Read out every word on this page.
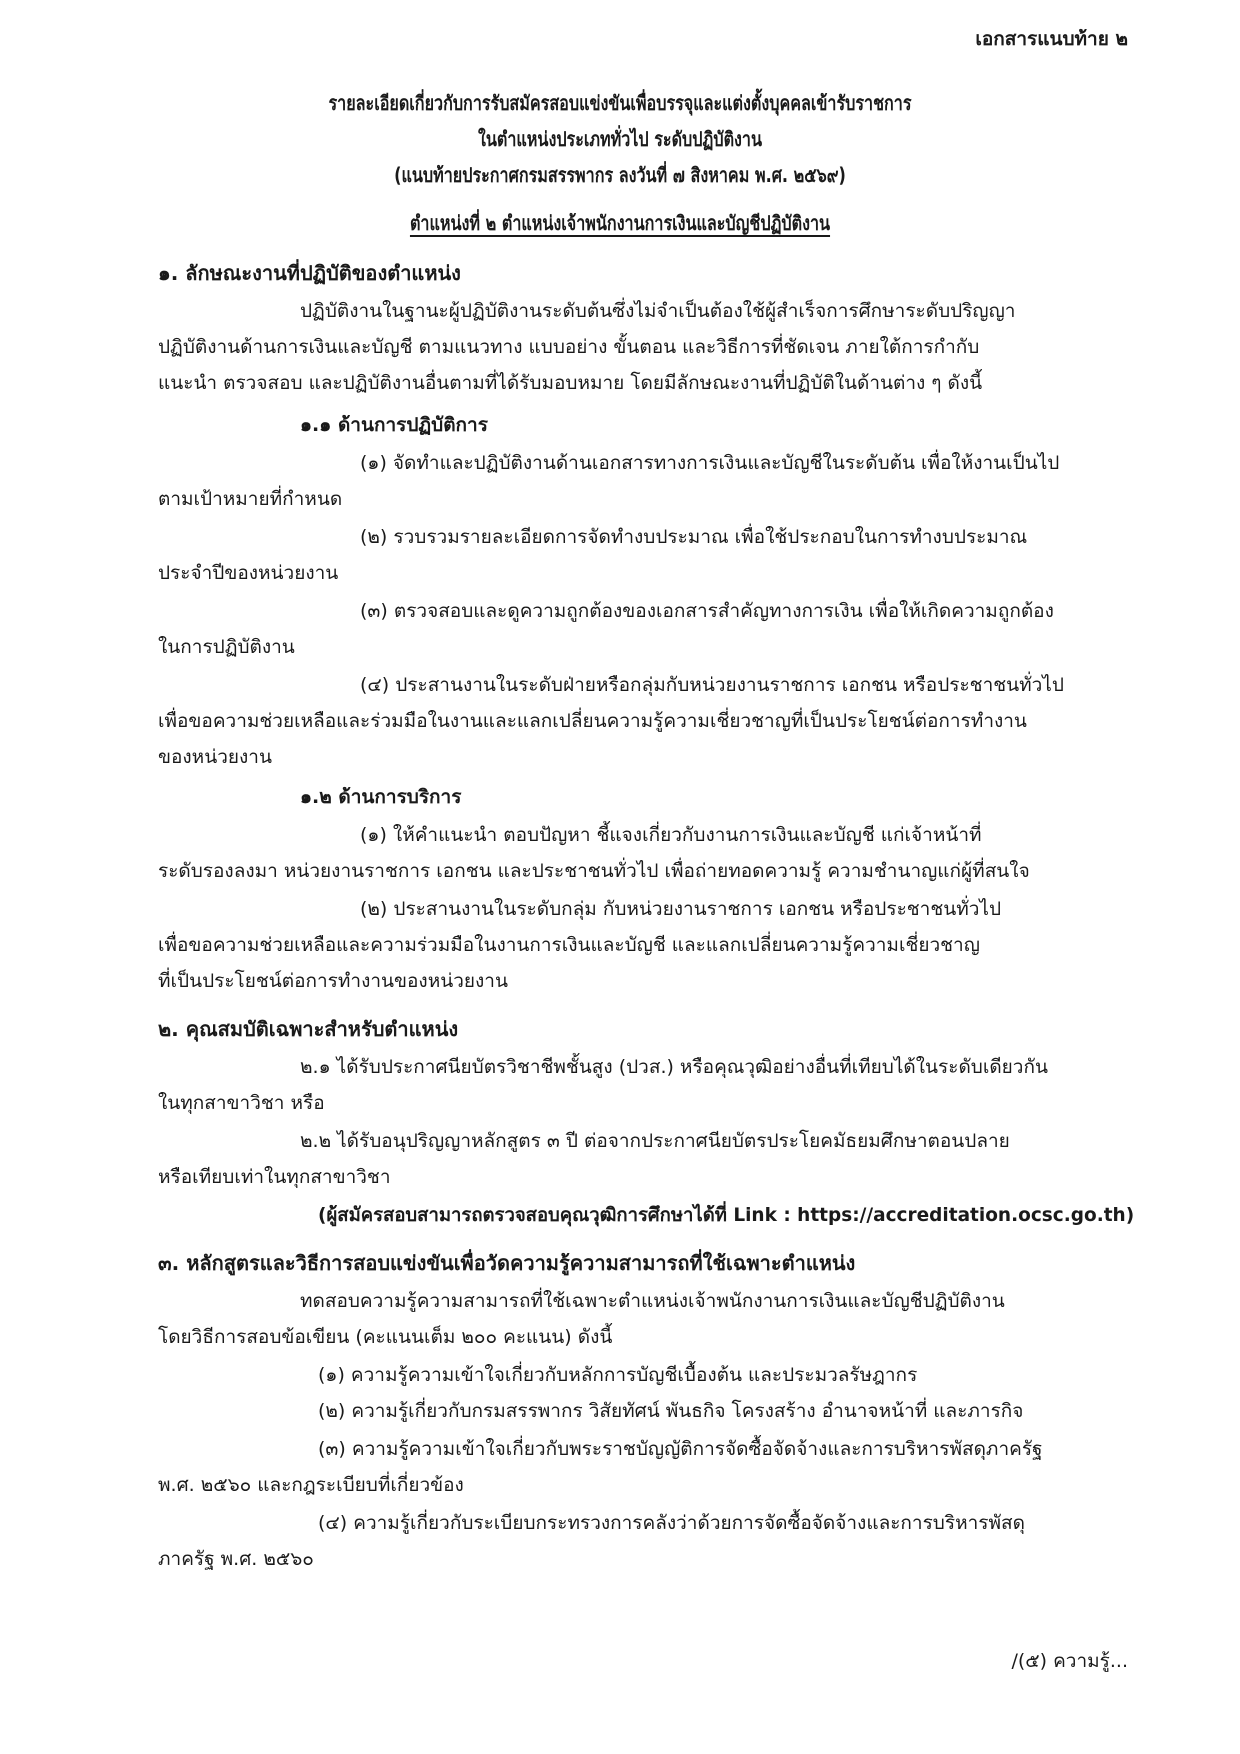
เอกสารแนบท้าย ๒
รายละเอียดเกี่ยวกับการรับสมัครสอบแข่งขันเพื่อบรรจุและแต่งตั้งบุคคลเข้ารับราชการ
ในตำแหน่งประเภททั่วไป ระดับปฏิบัติงาน
(แนบท้ายประกาศกรมสรรพากร ลงวันที่ ๗ สิงหาคม พ.ศ. ๒๕๖๙)
ตำแหน่งที่ ๒ ตำแหน่งเจ้าพนักงานการเงินและบัญชีปฏิบัติงาน
๑. ลักษณะงานที่ปฏิบัติของตำแหน่ง
ปฏิบัติงานในฐานะผู้ปฏิบัติงานระดับต้นซึ่งไม่จำเป็นต้องใช้ผู้สำเร็จการศึกษาระดับปริญญา
ปฏิบัติงานด้านการเงินและบัญชี ตามแนวทาง แบบอย่าง ขั้นตอน และวิธีการที่ชัดเจน ภายใต้การกำกับ
แนะนำ ตรวจสอบ และปฏิบัติงานอื่นตามที่ได้รับมอบหมาย โดยมีลักษณะงานที่ปฏิบัติในด้านต่าง ๆ ดังนี้
๑.๑ ด้านการปฏิบัติการ
(๑) จัดทำและปฏิบัติงานด้านเอกสารทางการเงินและบัญชีในระดับต้น เพื่อให้งานเป็นไป
ตามเป้าหมายที่กำหนด
(๒) รวบรวมรายละเอียดการจัดทำงบประมาณ เพื่อใช้ประกอบในการทำงบประมาณ
ประจำปีของหน่วยงาน
(๓) ตรวจสอบและดูความถูกต้องของเอกสารสำคัญทางการเงิน เพื่อให้เกิดความถูกต้อง
ในการปฏิบัติงาน
(๔) ประสานงานในระดับฝ่ายหรือกลุ่มกับหน่วยงานราชการ เอกชน หรือประชาชนทั่วไป
เพื่อขอความช่วยเหลือและร่วมมือในงานและแลกเปลี่ยนความรู้ความเชี่ยวชาญที่เป็นประโยชน์ต่อการทำงาน
ของหน่วยงาน
๑.๒ ด้านการบริการ
(๑) ให้คำแนะนำ ตอบปัญหา ชี้แจงเกี่ยวกับงานการเงินและบัญชี แก่เจ้าหน้าที่
ระดับรองลงมา หน่วยงานราชการ เอกชน และประชาชนทั่วไป เพื่อถ่ายทอดความรู้ ความชำนาญแก่ผู้ที่สนใจ
(๒) ประสานงานในระดับกลุ่ม กับหน่วยงานราชการ เอกชน หรือประชาชนทั่วไป
เพื่อขอความช่วยเหลือและความร่วมมือในงานการเงินและบัญชี และแลกเปลี่ยนความรู้ความเชี่ยวชาญ
ที่เป็นประโยชน์ต่อการทำงานของหน่วยงาน
๒. คุณสมบัติเฉพาะสำหรับตำแหน่ง
๒.๑ ได้รับประกาศนียบัตรวิชาชีพชั้นสูง (ปวส.) หรือคุณวุฒิอย่างอื่นที่เทียบได้ในระดับเดียวกัน
ในทุกสาขาวิชา หรือ
๒.๒ ได้รับอนุปริญญาหลักสูตร ๓ ปี ต่อจากประกาศนียบัตรประโยคมัธยมศึกษาตอนปลาย
หรือเทียบเท่าในทุกสาขาวิชา
(ผู้สมัครสอบสามารถตรวจสอบคุณวุฒิการศึกษาได้ที่ Link : https://accreditation.ocsc.go.th)
๓. หลักสูตรและวิธีการสอบแข่งขันเพื่อวัดความรู้ความสามารถที่ใช้เฉพาะตำแหน่ง
ทดสอบความรู้ความสามารถที่ใช้เฉพาะตำแหน่งเจ้าพนักงานการเงินและบัญชีปฏิบัติงาน
โดยวิธีการสอบข้อเขียน (คะแนนเต็ม ๒๐๐ คะแนน) ดังนี้
(๑) ความรู้ความเข้าใจเกี่ยวกับหลักการบัญชีเบื้องต้น และประมวลรัษฎากร
(๒) ความรู้เกี่ยวกับกรมสรรพากร วิสัยทัศน์ พันธกิจ โครงสร้าง อำนาจหน้าที่ และภารกิจ
(๓) ความรู้ความเข้าใจเกี่ยวกับพระราชบัญญัติการจัดซื้อจัดจ้างและการบริหารพัสดุภาครัฐ
พ.ศ. ๒๕๖๐ และกฎระเบียบที่เกี่ยวข้อง
(๔) ความรู้เกี่ยวกับระเบียบกระทรวงการคลังว่าด้วยการจัดซื้อจัดจ้างและการบริหารพัสดุ
ภาครัฐ พ.ศ. ๒๕๖๐
/(๕) ความรู้...
